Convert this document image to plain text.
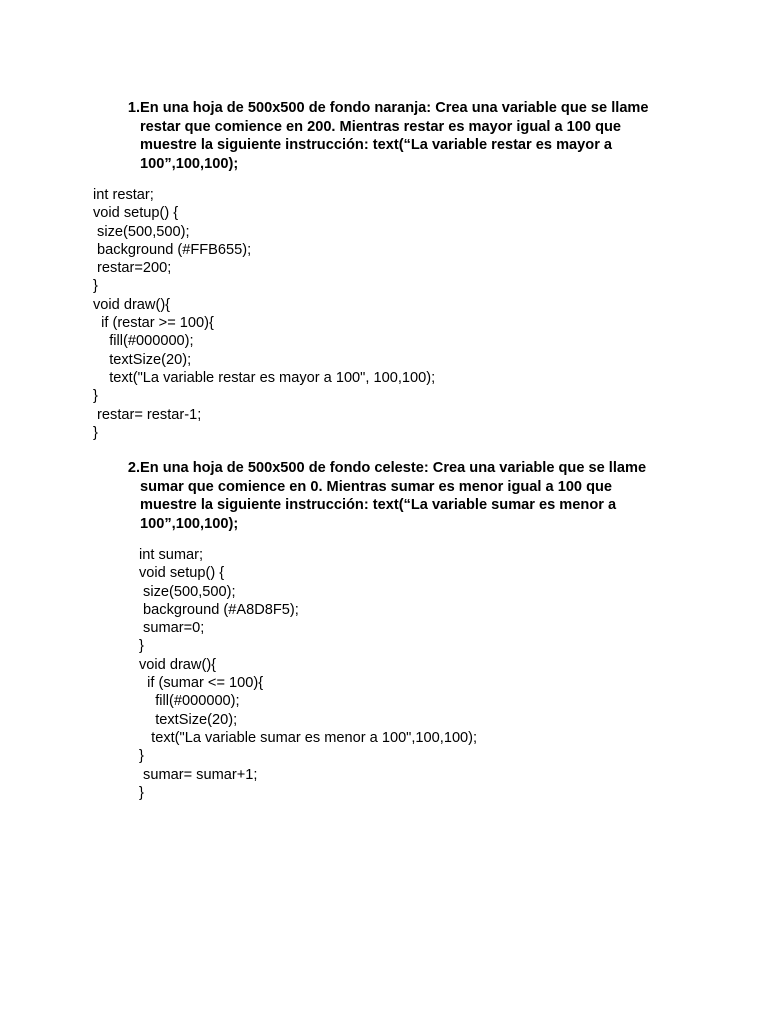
1. En una hoja de 500x500 de fondo naranja: Crea una variable que se llame
restar que comience en 200. Mientras restar es mayor igual a 100 que
muestre la siguiente instrucción: text(“La variable restar es mayor a
100”,100,100);
int restar;
void setup() {
size(500,500);
background (#FFB655);
restar=200;
}
void draw(){
if (restar >= 100){
fill(#000000);
textSize(20);
text("La variable restar es mayor a 100", 100,100);
}
restar= restar-1;
}
2. En una hoja de 500x500 de fondo celeste: Crea una variable que se llame
sumar que comience en 0. Mientras sumar es menor igual a 100 que
muestre la siguiente instrucción: text(“La variable sumar es menor a
100”,100,100);
int sumar;
void setup() {
size(500,500);
background (#A8D8F5);
sumar=0;
}
void draw(){
if (sumar <= 100){
fill(#000000);
textSize(20);
text("La variable sumar es menor a 100",100,100);
}
sumar= sumar+1;
}
